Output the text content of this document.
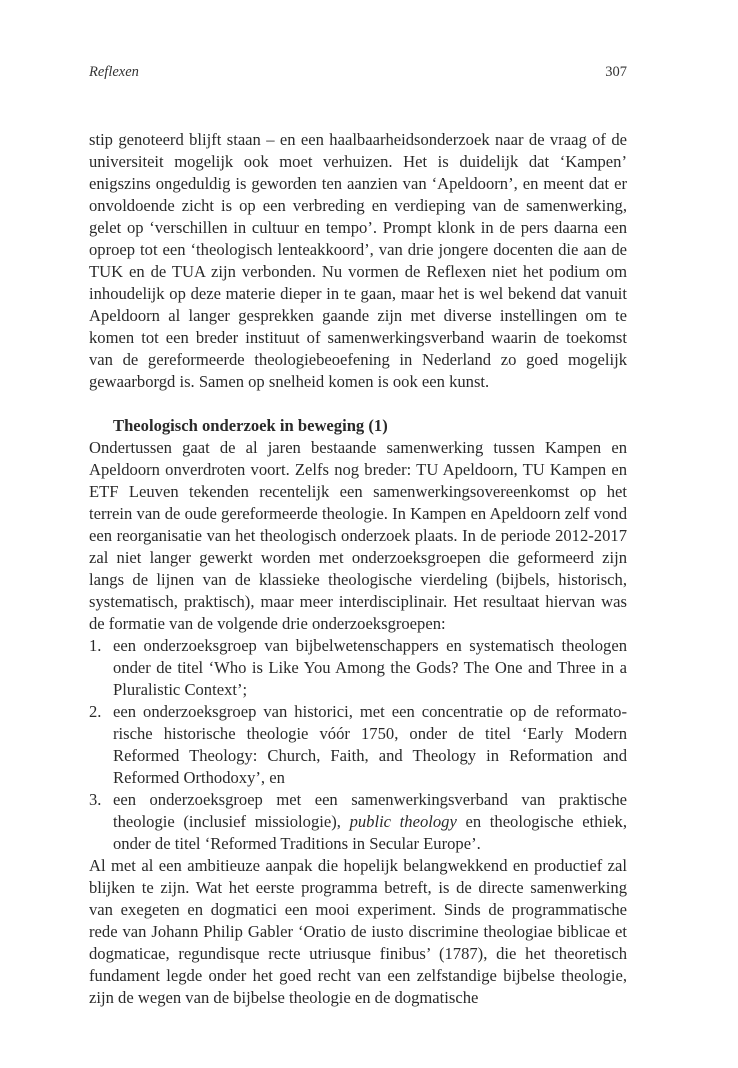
Reflexen	307

stip genoteerd blijft staan – en een haalbaarheidsonderzoek naar de vraag of de universiteit mogelijk ook moet verhuizen. Het is duidelijk dat ‘Kampen’ enigszins ongeduldig is geworden ten aanzien van ‘Apeldoorn’, en meent dat er onvoldoende zicht is op een verbreding en verdieping van de samenwerking, gelet op ‘verschillen in cultuur en tempo’. Prompt klonk in de pers daarna een oproep tot een ‘theologisch lenteakkoord’, van drie jongere docenten die aan de TUK en de TUA zijn verbonden. Nu vormen de Reflexen niet het podium om inhoudelijk op deze materie dieper in te gaan, maar het is wel bekend dat vanuit Apeldoorn al langer gesprekken gaande zijn met diverse instellingen om te komen tot een breder instituut of samenwerkingsverband waarin de toekomst van de gereformeerde theologiebeoefening in Nederland zo goed mogelijk gewaarborgd is. Samen op snelheid komen is ook een kunst.

Theologisch onderzoek in beweging (1)

Ondertussen gaat de al jaren bestaande samenwerking tussen Kampen en Apeldoorn onverdroten voort. Zelfs nog breder: TU Apeldoorn, TU Kampen en ETF Leuven tekenden recentelijk een samenwerkingsovereenkomst op het terrein van de oude gereformeerde theologie. In Kampen en Apeldoorn zelf vond een reorganisatie van het theologisch onderzoek plaats. In de periode 2012-2017 zal niet langer gewerkt worden met onderzoeksgroepen die geformeerd zijn langs de lijnen van de klassieke theologische vierdeling (bijbels, historisch, systematisch, praktisch), maar meer interdisciplinair. Het resultaat hiervan was de formatie van de volgende drie onderzoeksgroepen:

1. een onderzoeksgroep van bijbelwetenschappers en systematisch theologen onder de titel ‘Who is Like You Among the Gods? The One and Three in a Pluralistic Context’;
2. een onderzoeksgroep van historici, met een concentratie op de reformatorische historische theologie vóór 1750, onder de titel ‘Early Modern Reformed Theology: Church, Faith, and Theology in Reformation and Reformed Orthodoxy’, en
3. een onderzoeksgroep met een samenwerkingsverband van praktische theologie (inclusief missiologie), public theology en theologische ethiek, onder de titel ‘Reformed Traditions in Secular Europe’.

Al met al een ambitieuze aanpak die hopelijk belangwekkend en productief zal blijken te zijn. Wat het eerste programma betreft, is de directe samenwerking van exegeten en dogmatici een mooi experiment. Sinds de programmatische rede van Johann Philip Gabler ‘Oratio de iusto discrimine theologiae biblicae et dogmaticae, regundisque recte utriusque finibus’ (1787), die het theoretisch fundament legde onder het goed recht van een zelfstandige bijbelse theologie, zijn de wegen van de bijbelse theologie en de dogmatische
